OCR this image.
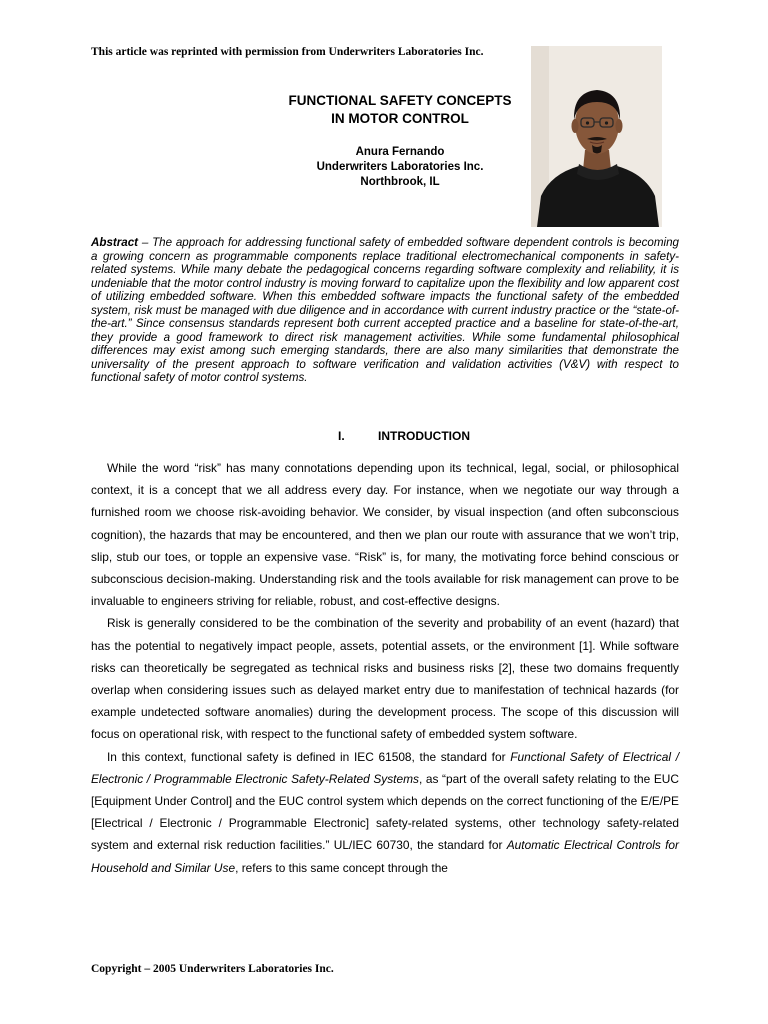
This article was reprinted with permission from Underwriters Laboratories Inc.
FUNCTIONAL SAFETY CONCEPTS
IN MOTOR CONTROL
Anura Fernando
Underwriters Laboratories Inc.
Northbrook, IL
Abstract – The approach for addressing functional safety of embedded software dependent controls is becoming a growing concern as programmable components replace traditional electromechanical components in safety-related systems. While many debate the pedagogical concerns regarding software complexity and reliability, it is undeniable that the motor control industry is moving forward to capitalize upon the flexibility and low apparent cost of utilizing embedded software. When this embedded software impacts the functional safety of the embedded system, risk must be managed with due diligence and in accordance with current industry practice or the “state-of-the-art.” Since consensus standards represent both current accepted practice and a baseline for state-of-the-art, they provide a good framework to direct risk management activities. While some fundamental philosophical differences may exist among such emerging standards, there are also many similarities that demonstrate the universality of the present approach to software verification and validation activities (V&V) with respect to functional safety of motor control systems.
I.	INTRODUCTION

While the word “risk” has many connotations depending upon its technical, legal, social, or philosophical context, it is a concept that we all address every day. For instance, when we negotiate our way through a furnished room we choose risk-avoiding behavior. We consider, by visual inspection (and often subconscious cognition), the hazards that may be encountered, and then we plan our route with assurance that we won’t trip, slip, stub our toes, or topple an expensive vase. “Risk” is, for many, the motivating force behind conscious or subconscious decision-making. Understanding risk and the tools available for risk management can prove to be invaluable to engineers striving for reliable, robust, and cost-effective designs.

Risk is generally considered to be the combination of the severity and probability of an event (hazard) that has the potential to negatively impact people, assets, potential assets, or the environment [1]. While software risks can theoretically be segregated as technical risks and business risks [2], these two domains frequently overlap when considering issues such as delayed market entry due to manifestation of technical hazards (for example undetected software anomalies) during the development process. The scope of this discussion will focus on operational risk, with respect to the functional safety of embedded system software.

In this context, functional safety is defined in IEC 61508, the standard for Functional Safety of Electrical / Electronic / Programmable Electronic Safety-Related Systems, as “part of the overall safety relating to the EUC [Equipment Under Control] and the EUC control system which depends on the correct functioning of the E/E/PE [Electrical / Electronic / Programmable Electronic] safety-related systems, other technology safety-related system and external risk reduction facilities.” UL/IEC 60730, the standard for Automatic Electrical Controls for Household and Similar Use, refers to this same concept through the

Copyright – 2005 Underwriters Laboratories Inc.
